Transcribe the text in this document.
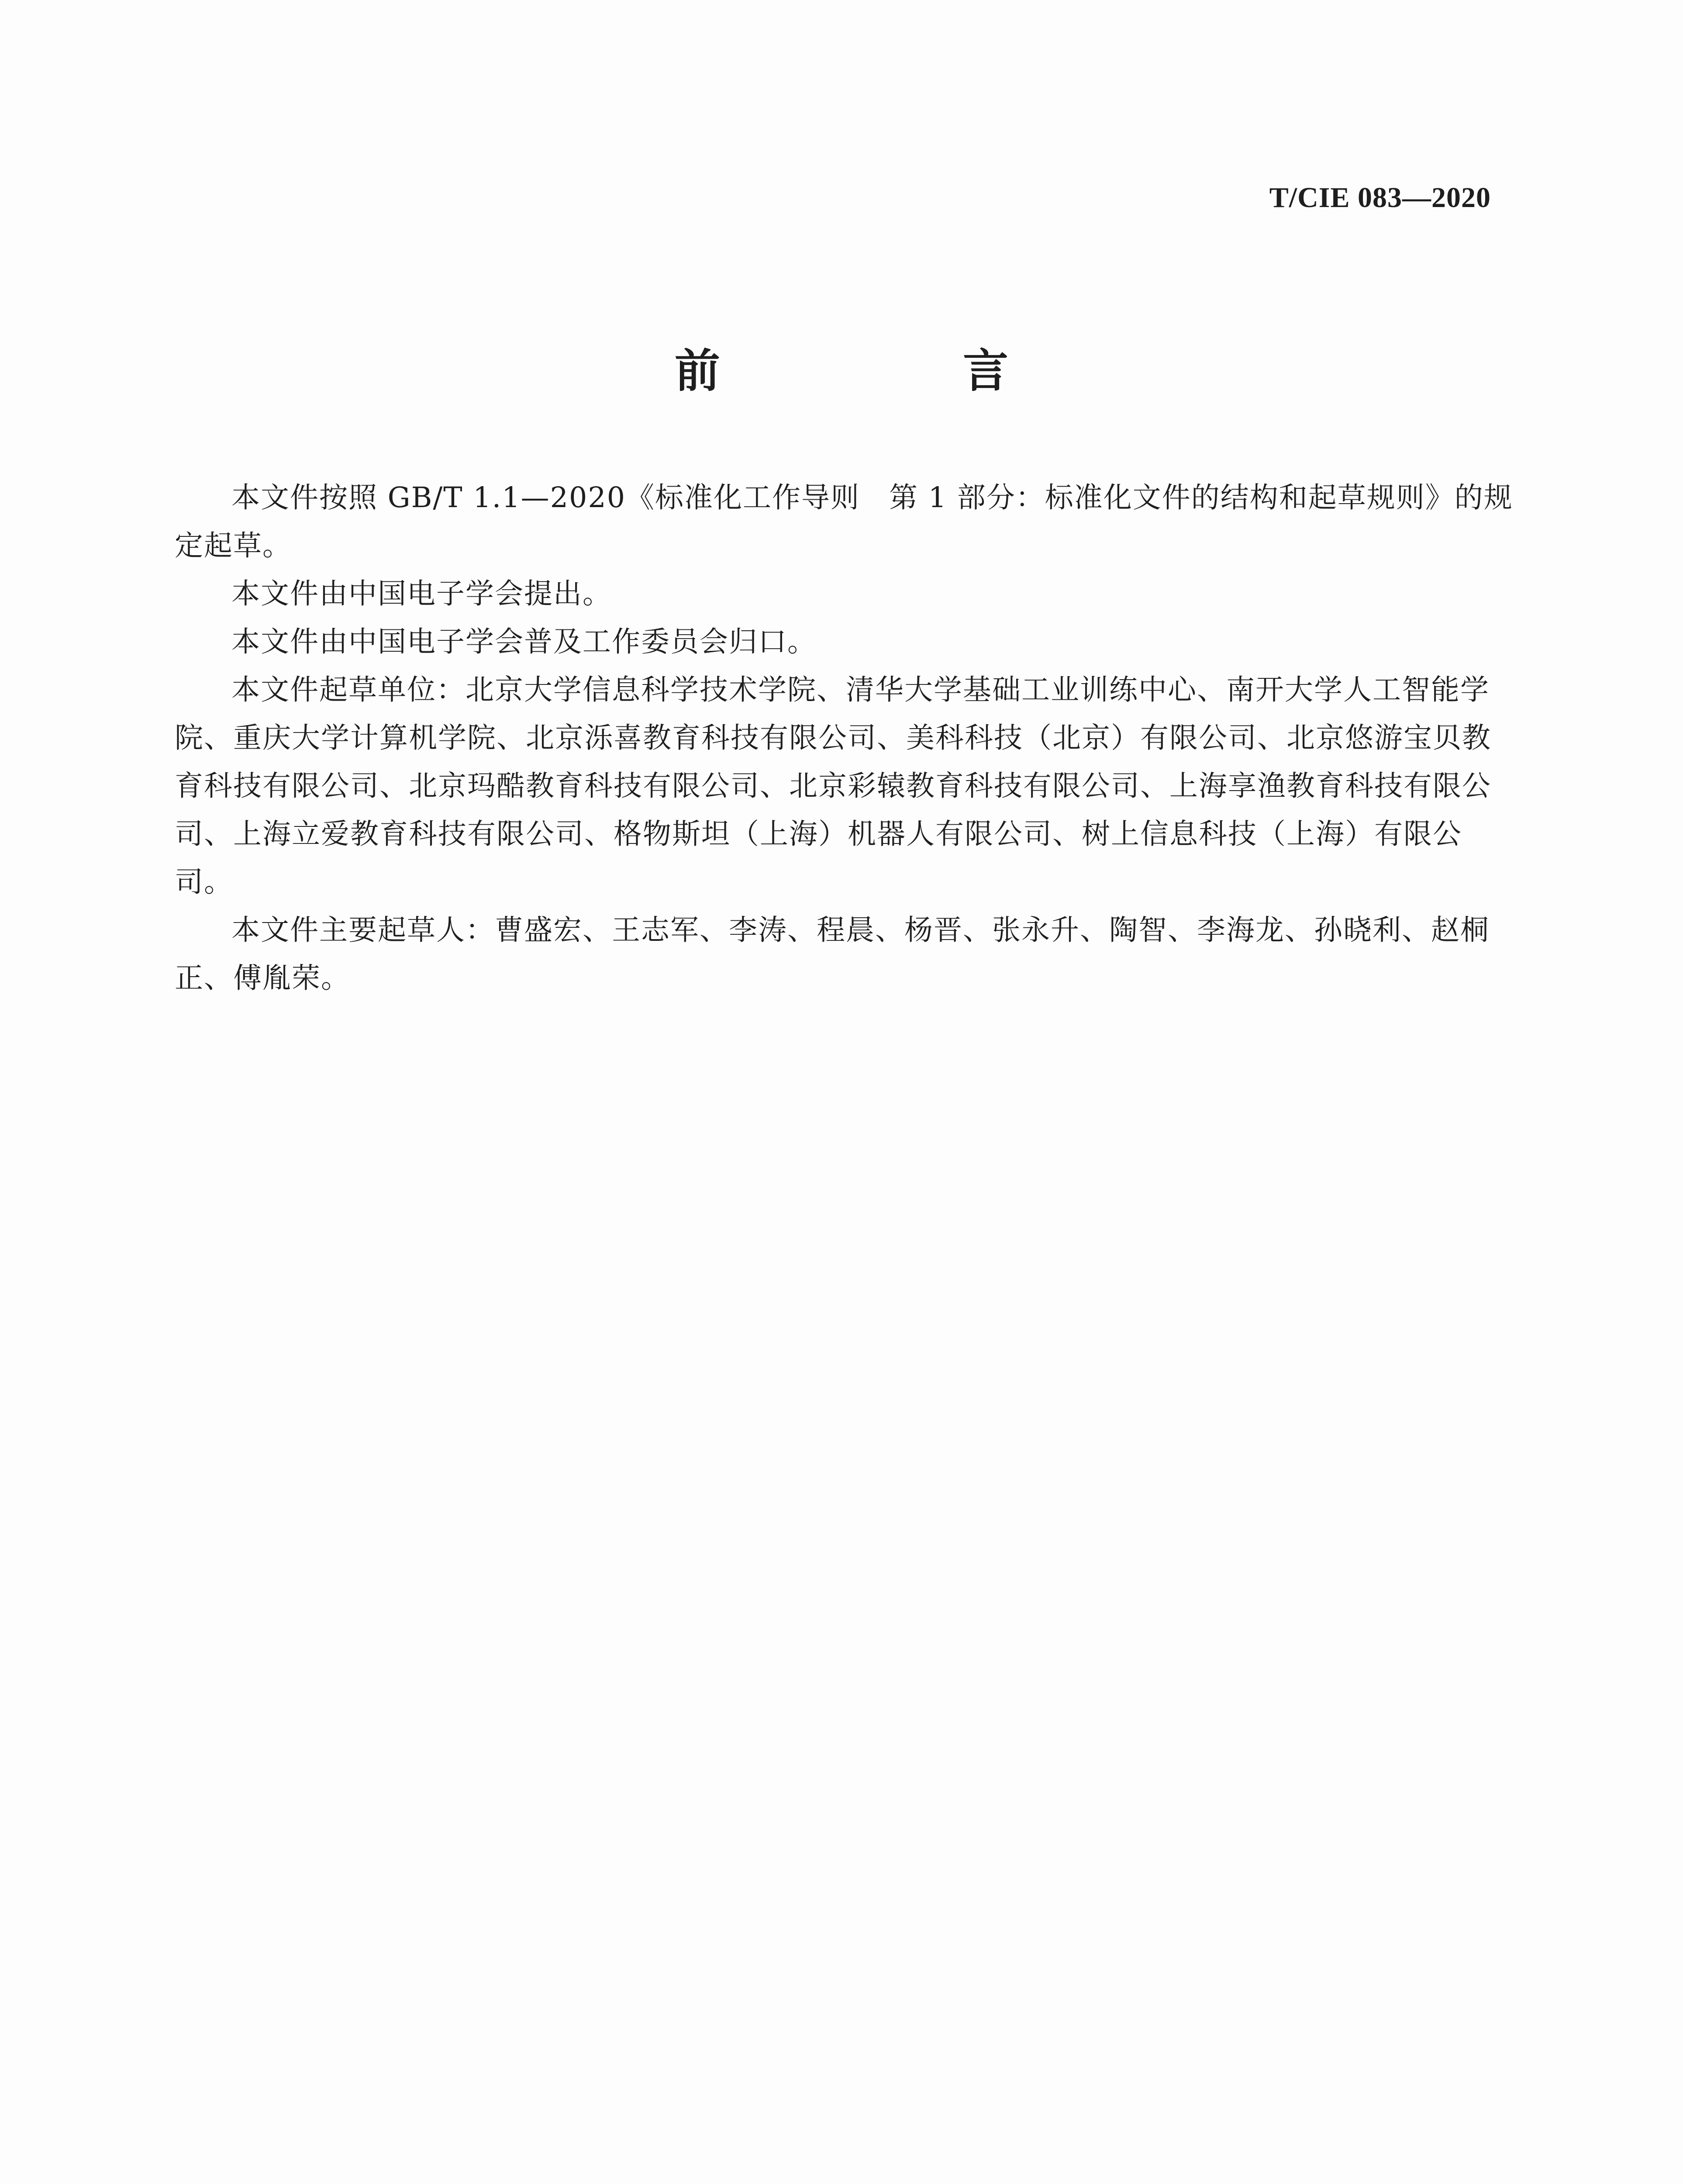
T/CIE 083—2020
前 言

本文件按照 GB/T 1.1—2020《标准化工作导则　第 1 部分：标准化文件的结构和起草规则》的规定起草。

本文件由中国电子学会提出。

本文件由中国电子学会普及工作委员会归口。

本文件起草单位：北京大学信息科学技术学院、清华大学基础工业训练中心、南开大学人工智能学院、重庆大学计算机学院、北京泺喜教育科技有限公司、美科科技（北京）有限公司、北京悠游宝贝教育科技有限公司、北京玛酷教育科技有限公司、北京彩辕教育科技有限公司、上海享渔教育科技有限公司、上海立爱教育科技有限公司、格物斯坦（上海）机器人有限公司、树上信息科技（上海）有限公司。

本文件主要起草人：曹盛宏、王志军、李涛、程晨、杨晋、张永升、陶智、李海龙、孙晓利、赵桐正、傅胤荣。
